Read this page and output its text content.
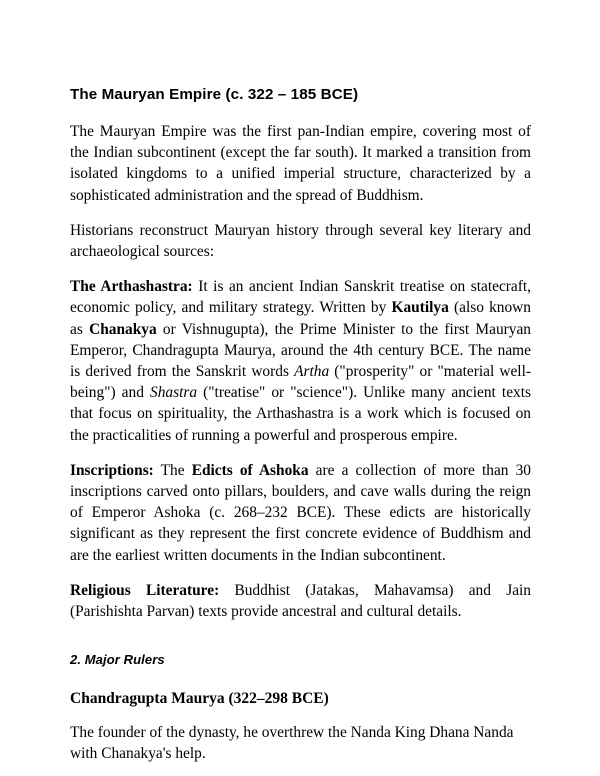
The Mauryan Empire (c. 322 – 185 BCE)

The Mauryan Empire was the first pan-Indian empire, covering most of the Indian subcontinent (except the far south). It marked a transition from isolated kingdoms to a unified imperial structure, characterized by a sophisticated administration and the spread of Buddhism.

Historians reconstruct Mauryan history through several key literary and archaeological sources:

The Arthashastra: It is an ancient Indian Sanskrit treatise on statecraft, economic policy, and military strategy. Written by Kautilya (also known as Chanakya or Vishnugupta), the Prime Minister to the first Mauryan Emperor, Chandragupta Maurya, around the 4th century BCE. The name is derived from the Sanskrit words Artha ("prosperity" or "material well-being") and Shastra ("treatise" or "science"). Unlike many ancient texts that focus on spirituality, the Arthashastra is a work which is focused on the practicalities of running a powerful and prosperous empire.

Inscriptions: The Edicts of Ashoka are a collection of more than 30 inscriptions carved onto pillars, boulders, and cave walls during the reign of Emperor Ashoka (c. 268–232 BCE). These edicts are historically significant as they represent the first concrete evidence of Buddhism and are the earliest written documents in the Indian subcontinent.

Religious Literature: Buddhist (Jatakas, Mahavamsa) and Jain (Parishishta Parvan) texts provide ancestral and cultural details.

2. Major Rulers
Chandragupta Maurya (322–298 BCE)

The founder of the dynasty, he overthrew the Nanda King Dhana Nanda with Chanakya's help.
